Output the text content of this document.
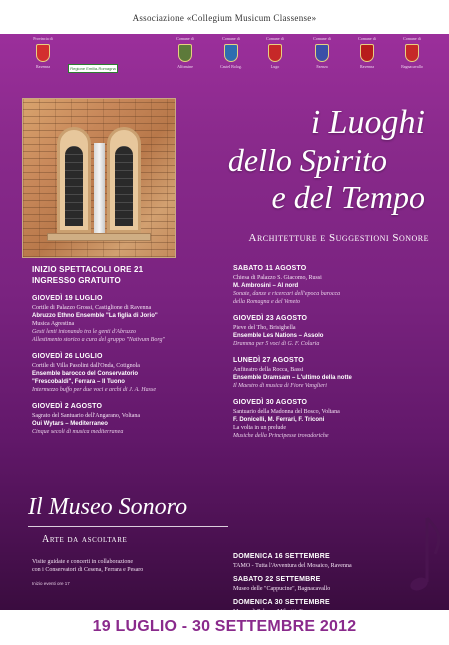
Associazione «Collegium Musicum Classense»
Provincia di
Ravenna
Comune di
Alfonsine
Comune di
Castel Bolog.
Comune di
Lugo
Comune di
Faenza
Comune di
Ravenna
Comune di
Bagnacavallo
Regione Emilia-Romagna
i Luoghi
dello Spirito
e del Tempo
Architetture e Suggestioni Sonore
INIZIO SPETTACOLI ORE 21
INGRESSO GRATUITO
GIOVEDÌ 19 LUGLIO
Cortile di Palazzo Grossi, Castiglione di Ravenna
Abruzzo Ethno Ensemble "La figlia di Jorio"
Musica Agrestina
Gesti lenti intonando tra le genti d'Abruzzo
Allestimento storico a cura del gruppo "Nativum Borg"
GIOVEDÌ 26 LUGLIO
Cortile di Villa Pasolini dall'Onda, Cotignola
Ensemble barocco del Conservatorio
"Frescobaldi", Ferrara – Il Tuono
Intermezzo buffo per due voci e archi di J. A. Hasse
GIOVEDÌ 2 AGOSTO
Sagrato del Santuario dell'Angarano, Voltana
Oui Wytars – Mediterraneo
Cinque secoli di musica mediterranea
SABATO 11 AGOSTO
Chiesa di Palazzo S. Giacomo, Russi
M. Ambrosini – Al nord
Sonate, danze e ricercari dell'epoca barocca
della Romagna e del Veneto
GIOVEDÌ 23 AGOSTO
Pieve del Tho, Brisighella
Ensemble Les Nations – Assolo
Dramma per 5 voci di G. F. Coluria
LUNEDÌ 27 AGOSTO
Anfiteatro della Rocca, Bassi
Ensemble Dramsam – L'ultimo della notte
Il Maestro di musica di Fiore Vanglieri
GIOVEDÌ 30 AGOSTO
Santuario della Madonna del Bosco, Voltana
F. Donicelli, M. Ferrari, F. Triconi
La volta in un prelude
Musiche della Principesse trovadoriche
Il Museo Sonoro
Arte da ascoltare
Visite guidate e concerti in collaborazione
con i Conservatori di Cesena, Ferrara e Pesaro
Inizio eventi ore 17
DOMENICA 16 SETTEMBRE
TAMO - Tutta l'Avventura del Mosaico, Ravenna
SABATO 22 SETTEMBRE
Museo delle "Cappucine", Bagnacavallo
DOMENICA 30 SETTEMBRE
19 LUGLIO - 30 SETTEMBRE 2012
